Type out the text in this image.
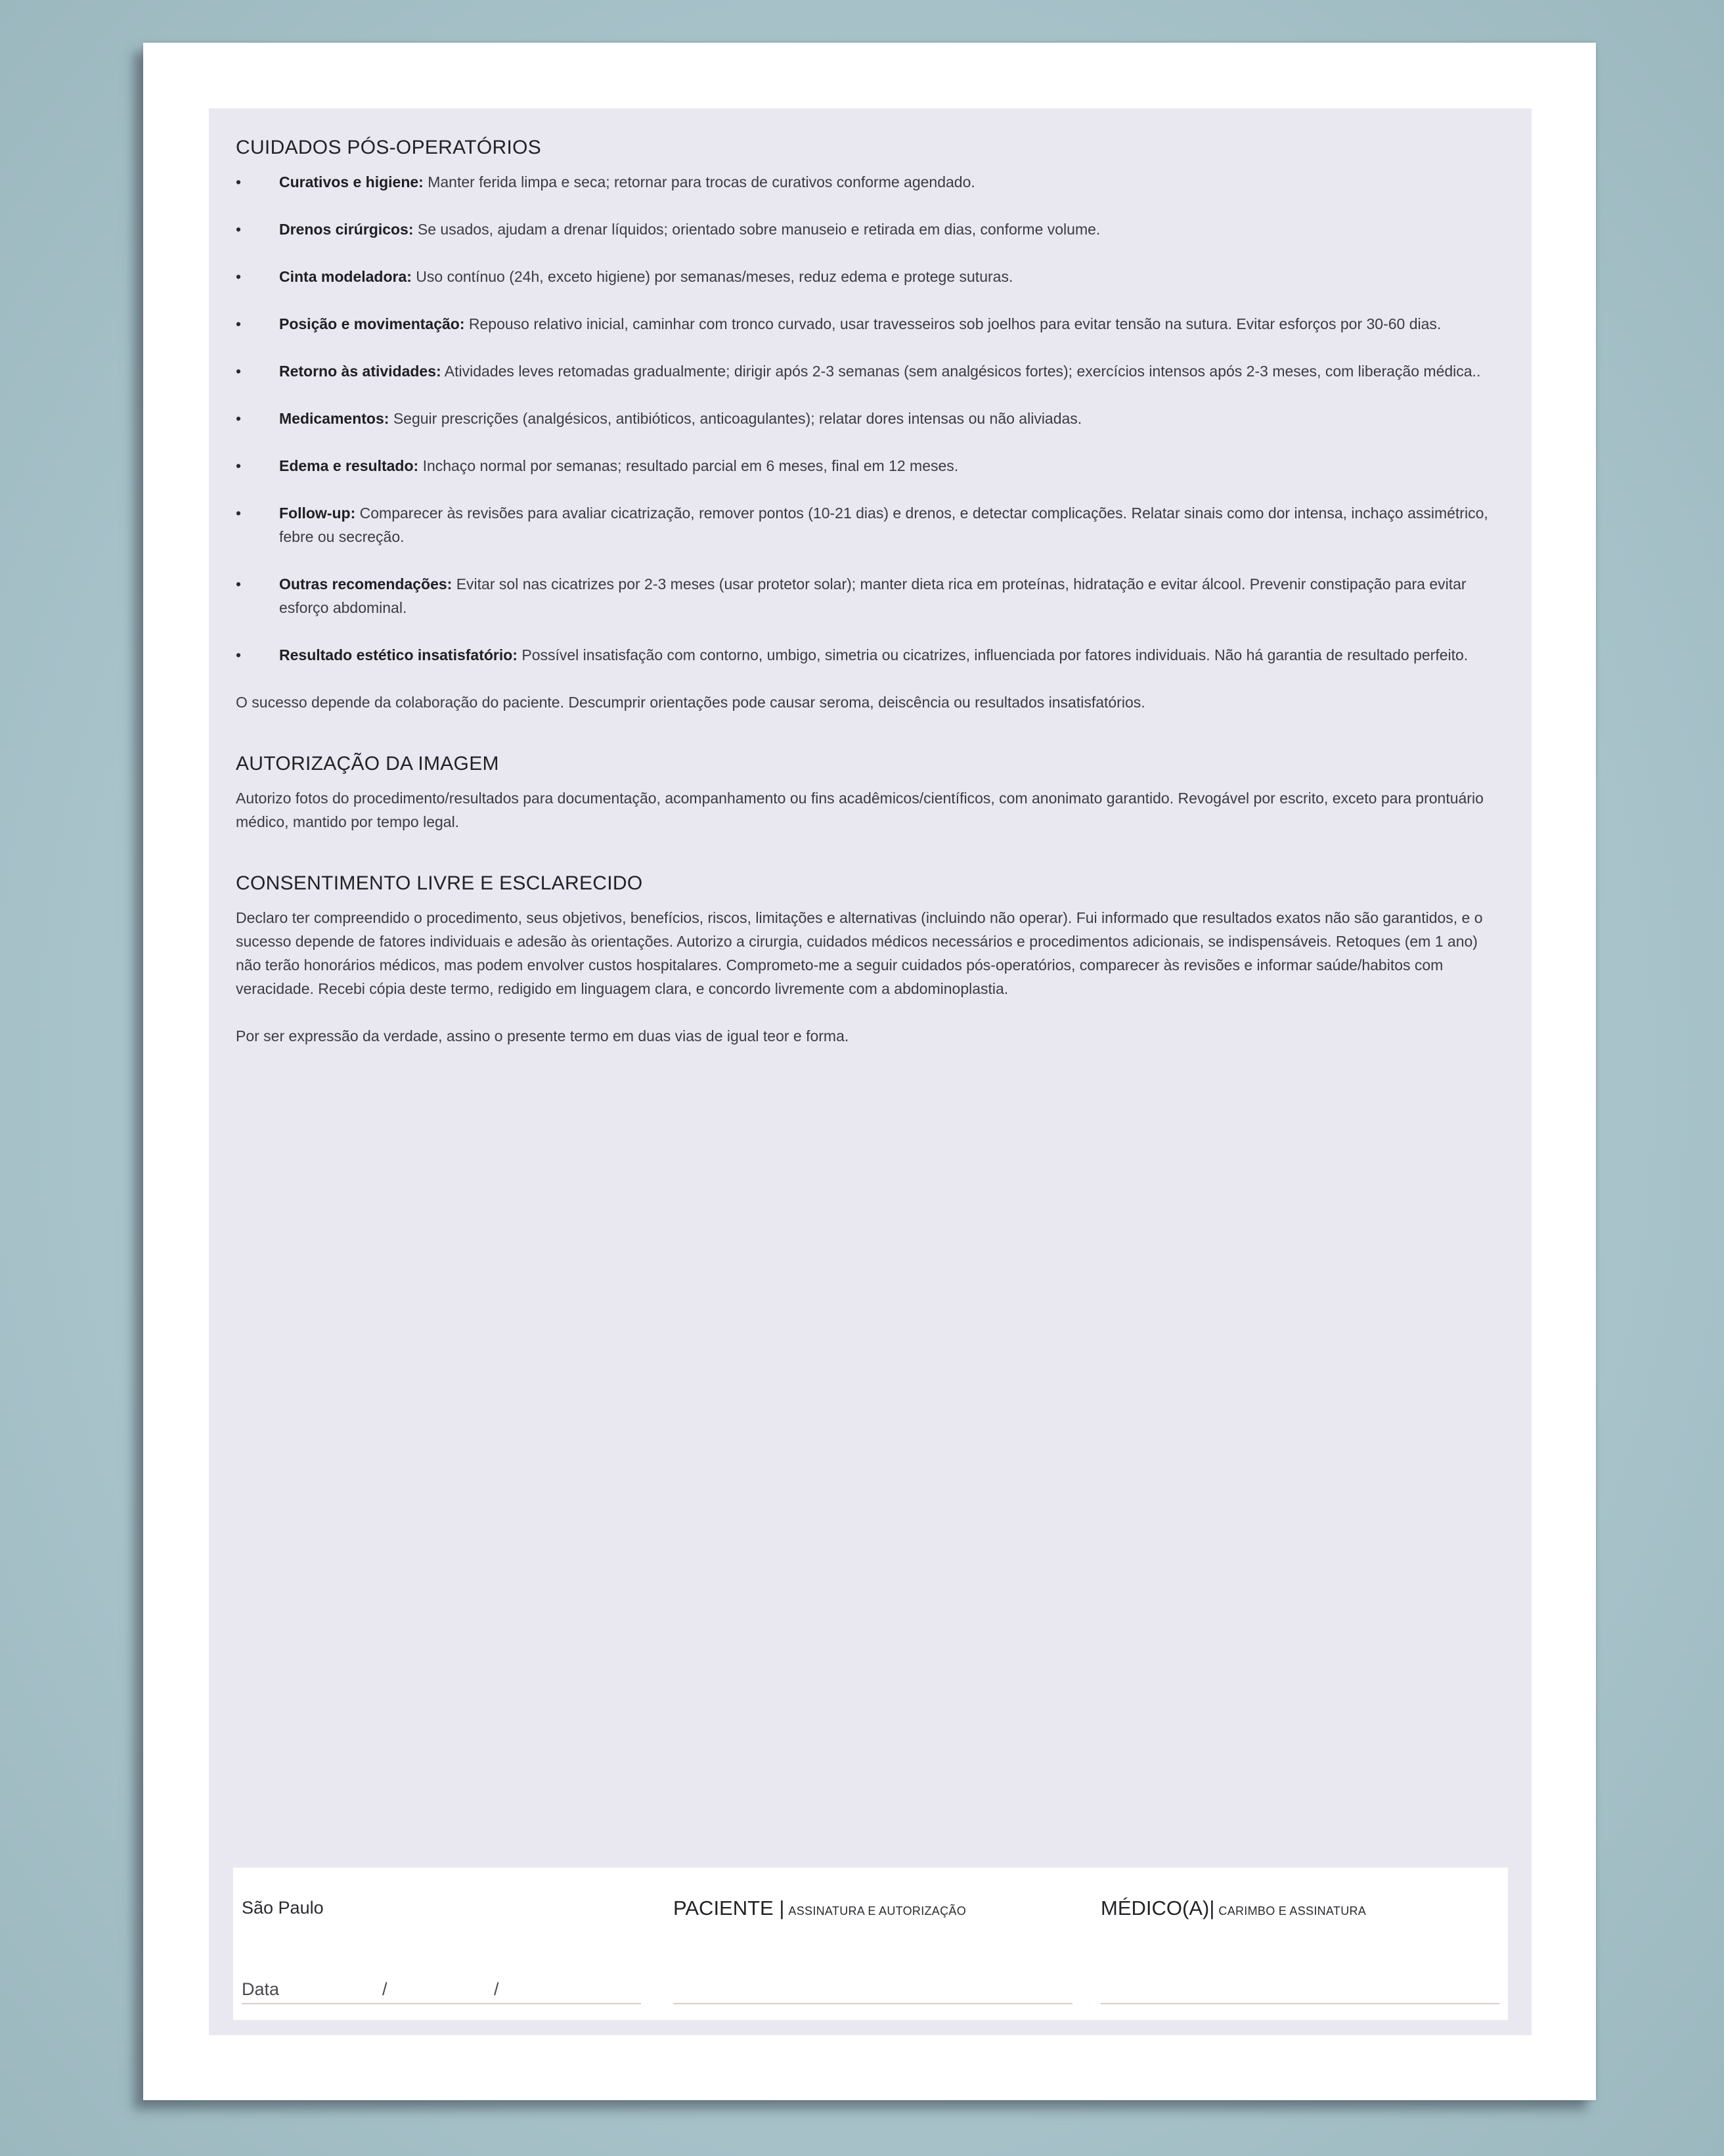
CUIDADOS PÓS-OPERATÓRIOS
•	Curativos e higiene: Manter ferida limpa e seca; retornar para trocas de curativos conforme agendado.
•	Drenos cirúrgicos: Se usados, ajudam a drenar líquidos; orientado sobre manuseio e retirada em dias, conforme volume.
•	Cinta modeladora: Uso contínuo (24h, exceto higiene) por semanas/meses, reduz edema e protege suturas.
•	Posição e movimentação: Repouso relativo inicial, caminhar com tronco curvado, usar travesseiros sob joelhos para evitar tensão na sutura. Evitar esforços por 30-60 dias.
•	Retorno às atividades: Atividades leves retomadas gradualmente; dirigir após 2-3 semanas (sem analgésicos fortes); exercícios intensos após 2-3 meses, com liberação médica..
•	Medicamentos: Seguir prescrições (analgésicos, antibióticos, anticoagulantes); relatar dores intensas ou não aliviadas.
•	Edema e resultado: Inchaço normal por semanas; resultado parcial em 6 meses, final em 12 meses.
•	Follow-up: Comparecer às revisões para avaliar cicatrização, remover pontos (10-21 dias) e drenos, e detectar complicações. Relatar sinais como dor intensa, inchaço assimétrico, febre ou secreção.
•	Outras recomendações: Evitar sol nas cicatrizes por 2-3 meses (usar protetor solar); manter dieta rica em proteínas, hidratação e evitar álcool. Prevenir constipação para evitar esforço abdominal.
•	Resultado estético insatisfatório: Possível insatisfação com contorno, umbigo, simetria ou cicatrizes, influenciada por fatores individuais. Não há garantia de resultado perfeito.

O sucesso depende da colaboração do paciente. Descumprir orientações pode causar seroma, deiscência ou resultados insatisfatórios.

AUTORIZAÇÃO DA IMAGEM

Autorizo fotos do procedimento/resultados para documentação, acompanhamento ou fins acadêmicos/científicos, com anonimato garantido. Revogável por escrito, exceto para prontuário médico, mantido por tempo legal.

CONSENTIMENTO LIVRE E ESCLARECIDO

Declaro ter compreendido o procedimento, seus objetivos, benefícios, riscos, limitações e alternativas (incluindo não operar). Fui informado que resultados exatos não são garantidos, e o sucesso depende de fatores individuais e adesão às orientações. Autorizo a cirurgia, cuidados médicos necessários e procedimentos adicionais, se indispensáveis. Retoques (em 1 ano) não terão honorários médicos, mas podem envolver custos hospitalares. Comprometo-me a seguir cuidados pós-operatórios, comparecer às revisões e informar saúde/habitos com veracidade. Recebi cópia deste termo, redigido em linguagem clara, e concordo livremente com a abdominoplastia.

Por ser expressão da verdade, assino o presente termo em duas vias de igual teor e forma.

São Paulo
Data	/	/
PACIENTE | ASSINATURA E AUTORIZAÇÃO	MÉDICO(A)| CARIMBO E ASSINATURA
